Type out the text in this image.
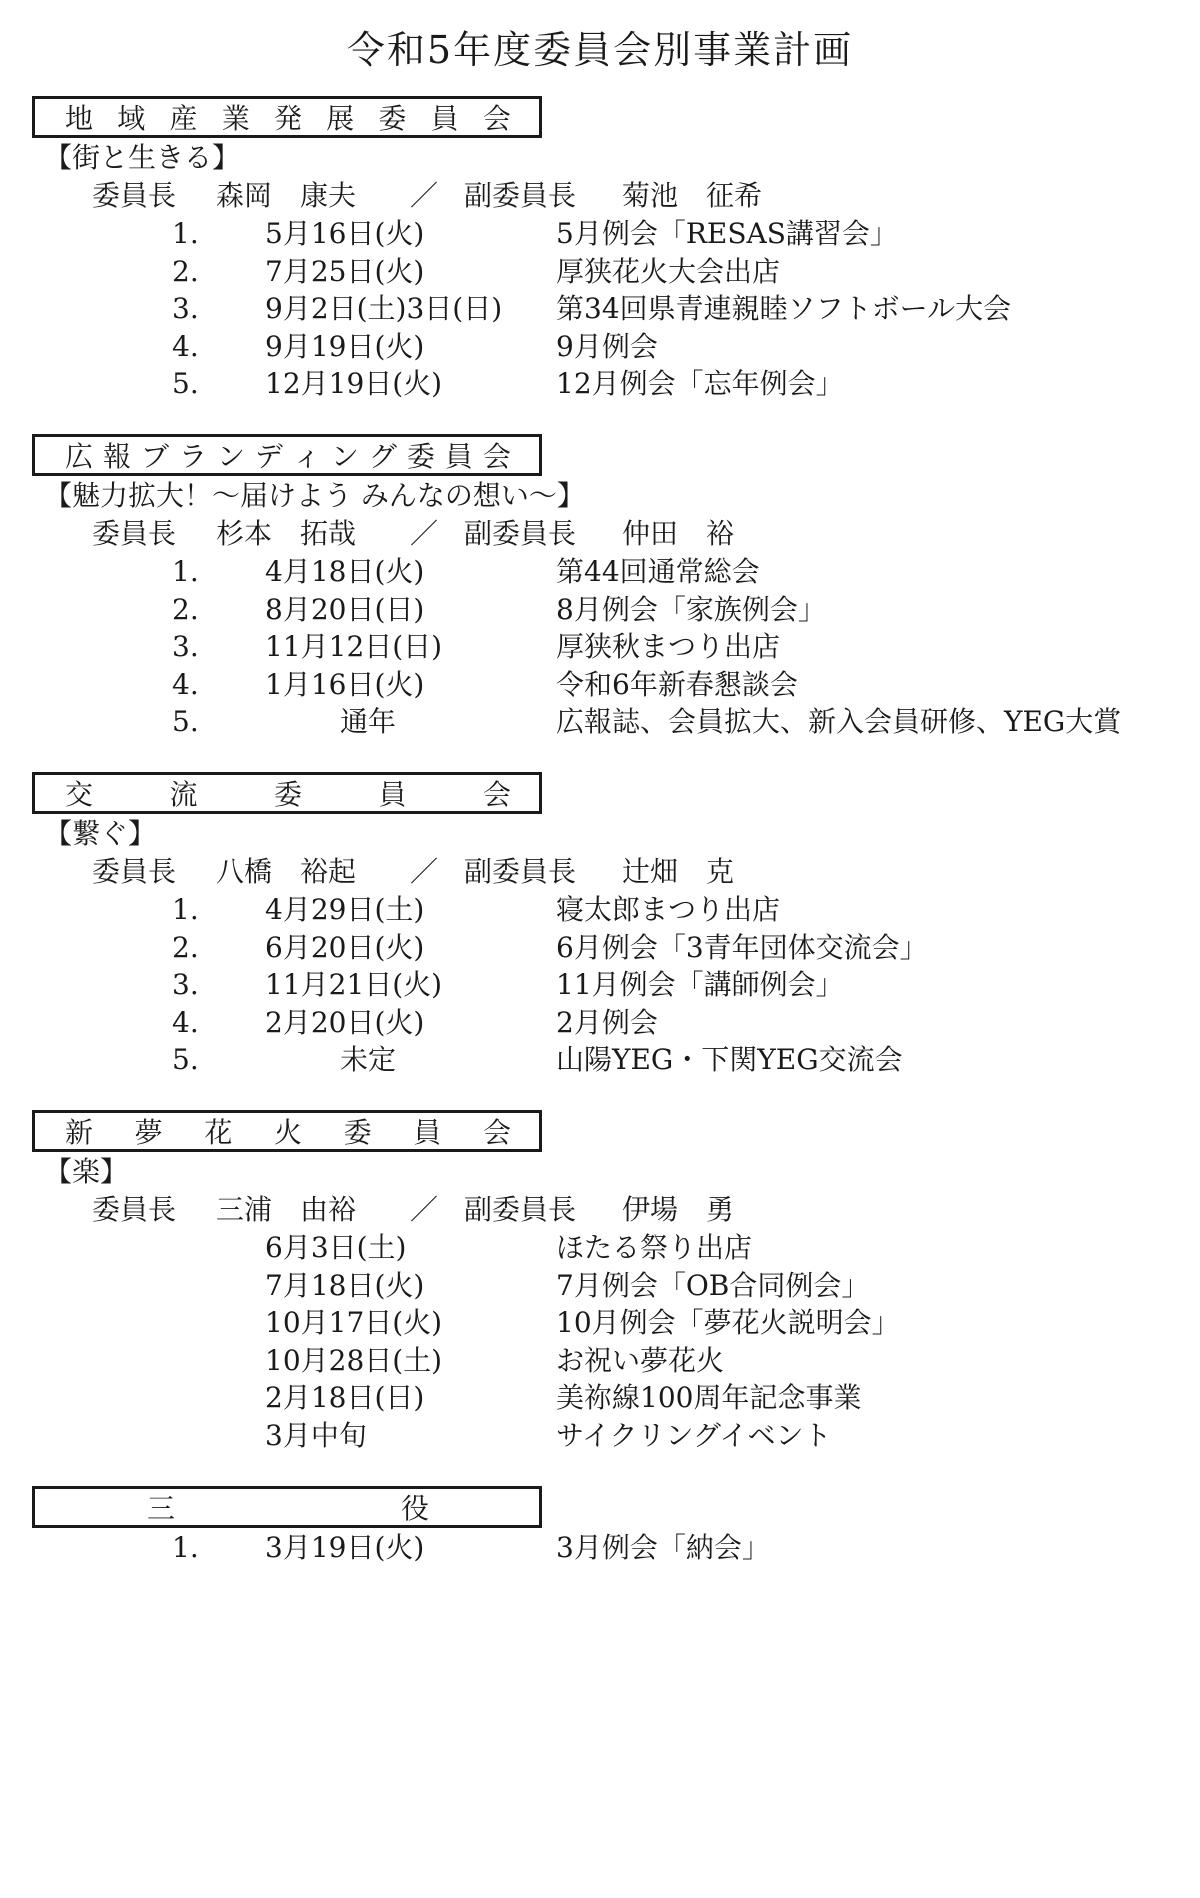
令和5年度委員会別事業計画
地 域 産 業 発 展 委 員 会
【街と生きる】
委員長 森岡　康夫 ／ 副委員長 菊池　征希
1. 5月16日(火)	5月例会「RESAS講習会」
2. 7月25日(火)	厚狭花火大会出店
3. 9月2日(土)3日(日) 第34回県青連親睦ソフトボール大会
4. 9月19日(火)	9月例会
5. 12月19日(火)	12月例会「忘年例会」
広 報 ブ ラ ン デ ィ ン グ 委 員 会
【魅力拡大！〜届けよう みんなの想い〜】
委員長 杉本　拓哉 ／ 副委員長 仲田　裕
1. 4月18日(火)	第44回通常総会
2. 8月20日(日)	8月例会「家族例会」
3. 11月12日(日)	厚狭秋まつり出店
4. 1月16日(火)	令和6年新春懇談会
5.	通年	広報誌、会員拡大、新入会員研修、YEG大賞
交	流	委	員	会
【繋ぐ】
委員長 八橋　裕起 ／ 副委員長 辻畑　克
1. 4月29日(土)	寝太郎まつり出店
2. 6月20日(火)	6月例会「3青年団体交流会」
3. 11月21日(火)	11月例会「講師例会」
4. 2月20日(火)	2月例会
5.	未定	山陽YEG・下関YEG交流会
新 夢 花 火 委 員 会
【楽】
委員長 三浦　由裕 ／ 副委員長 伊場　勇
6月3日(土)	ほたる祭り出店
7月18日(火)	7月例会「OB合同例会」
10月17日(火)	10月例会「夢花火説明会」
10月28日(土)	お祝い夢花火
2月18日(日)	美祢線100周年記念事業
3月中旬	サイクリングイベント
三	役
1. 3月19日(火)	3月例会「納会」
